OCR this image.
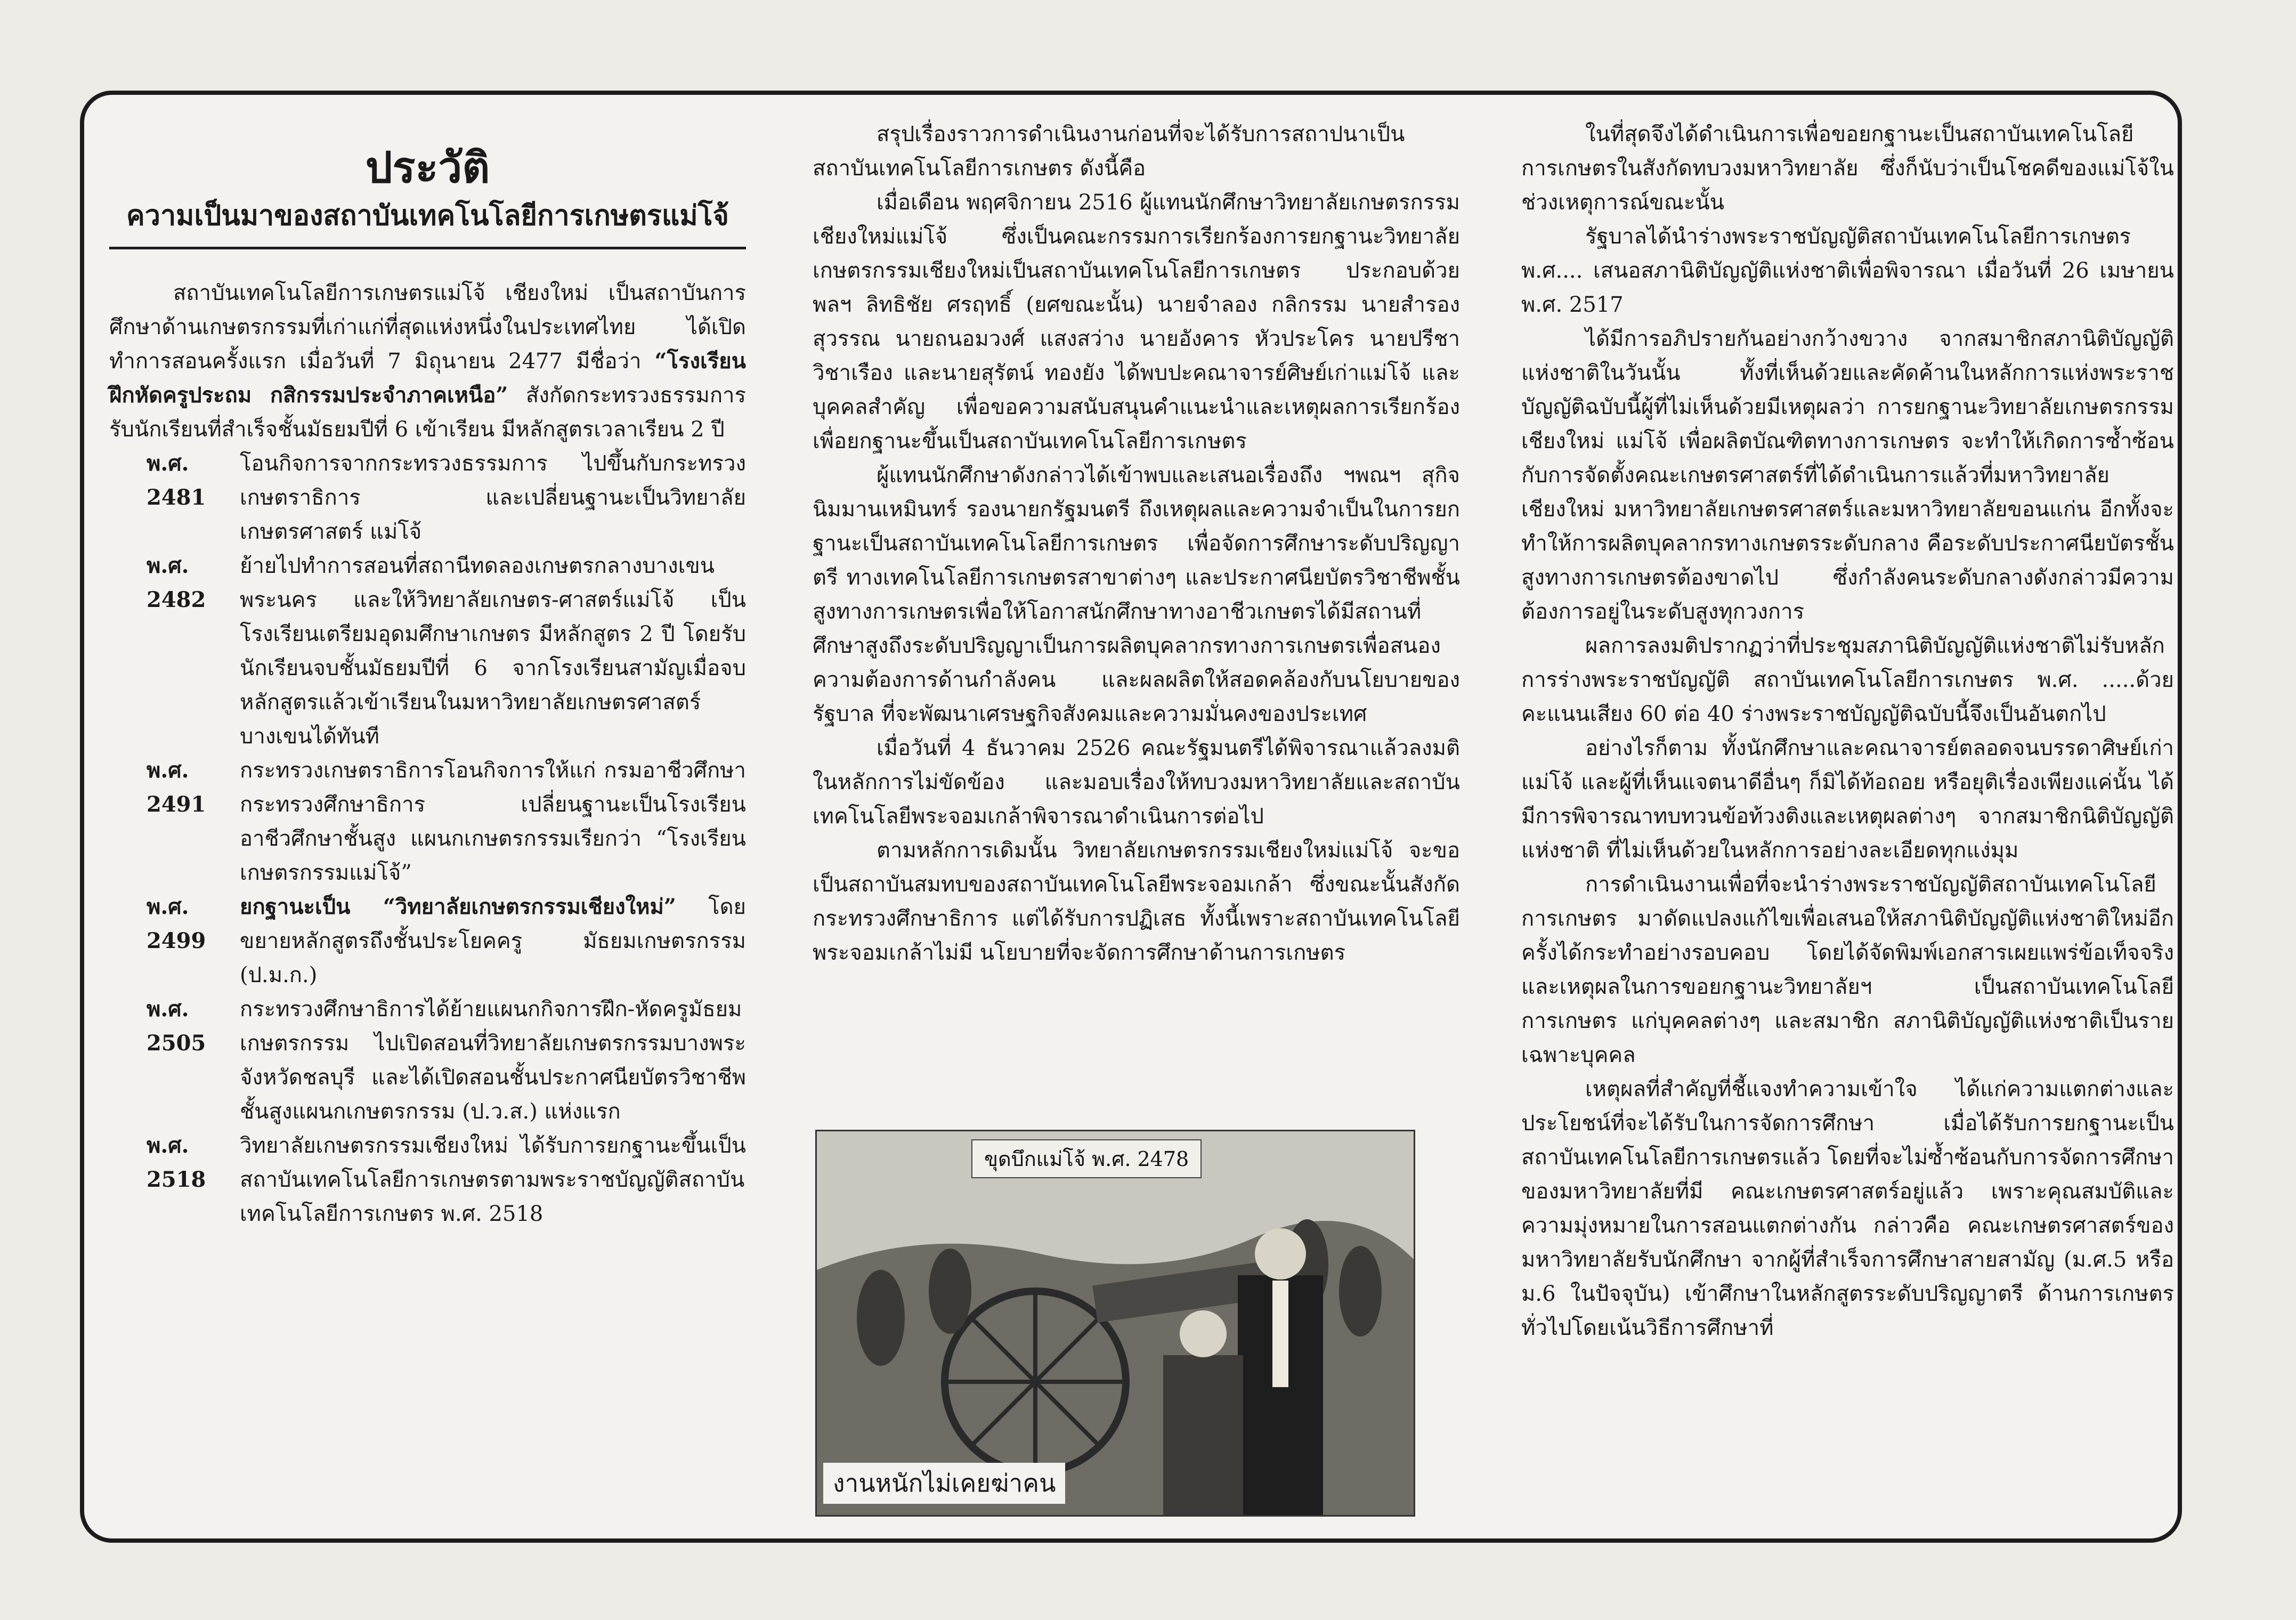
ประวัติ
ความเป็นมาของสถาบันเทคโนโลยีการเกษตรแม่โจ้

สถาบันเทคโนโลยีการเกษตรแม่โจ้ เชียงใหม่ เป็นสถาบันการศึกษาด้านเกษตรกรรมที่เก่าแก่ที่สุดแห่งหนึ่งในประเทศไทย ได้เปิดทำการสอนครั้งแรก เมื่อวันที่ 7 มิถุนายน 2477 มีชื่อว่า “โรงเรียนฝึกหัดครูประถม กสิกรรมประจำภาคเหนือ” สังกัดกระทรวงธรรมการ รับนักเรียนที่สำเร็จชั้นมัธยมปีที่ 6 เข้าเรียน มีหลักสูตรเวลาเรียน 2 ปี

พ.ศ. 2481
โอนกิจการจากกระทรวงธรรมการ ไปขึ้นกับกระทรวงเกษตราธิการ และเปลี่ยนฐานะเป็นวิทยาลัยเกษตรศาสตร์ แม่โจ้
พ.ศ. 2482
ย้ายไปทำการสอนที่สถานีทดลองเกษตรกลางบางเขน พระนคร และให้วิทยาลัยเกษตร-ศาสตร์แม่โจ้ เป็นโรงเรียนเตรียมอุดมศึกษาเกษตร มีหลักสูตร 2 ปี โดยรับนักเรียนจบชั้นมัธยมปีที่ 6 จากโรงเรียนสามัญเมื่อจบหลักสูตรแล้วเข้าเรียนในมหาวิทยาลัยเกษตรศาสตร์บางเขนได้ทันที
พ.ศ. 2491
กระทรวงเกษตราธิการโอนกิจการให้แก่ กรมอาชีวศึกษา กระทรวงศึกษาธิการ เปลี่ยนฐานะเป็นโรงเรียนอาชีวศึกษาชั้นสูง แผนกเกษตรกรรมเรียกว่า “โรงเรียนเกษตรกรรมแม่โจ้”
พ.ศ. 2499
ยกฐานะเป็น “วิทยาลัยเกษตรกรรมเชียงใหม่” โดยขยายหลักสูตรถึงชั้นประโยคครู มัธยมเกษตรกรรม (ป.ม.ก.)
พ.ศ. 2505
กระทรวงศึกษาธิการได้ย้ายแผนกกิจการฝึก-หัดครูมัธยมเกษตรกรรม ไปเปิดสอนที่วิทยาลัยเกษตรกรรมบางพระจังหวัดชลบุรี และได้เปิดสอนชั้นประกาศนียบัตรวิชาชีพชั้นสูงแผนกเกษตรกรรม (ป.ว.ส.) แห่งแรก
พ.ศ. 2518
วิทยาลัยเกษตรกรรมเชียงใหม่ ได้รับการยกฐานะขึ้นเป็น สถาบันเทคโนโลยีการเกษตรตามพระราชบัญญัติสถาบันเทคโนโลยีการเกษตร พ.ศ. 2518

สรุปเรื่องราวการดำเนินงานก่อนที่จะได้รับการสถาปนาเป็นสถาบันเทคโนโลยีการเกษตร ดังนี้คือ

เมื่อเดือน พฤศจิกายน 2516 ผู้แทนนักศึกษาวิทยาลัยเกษตรกรรมเชียงใหม่แม่โจ้ ซึ่งเป็นคณะกรรมการเรียกร้องการยกฐานะวิทยาลัยเกษตรกรรมเชียงใหม่เป็นสถาบันเทคโนโลยีการเกษตร ประกอบด้วย พลฯ ลิทธิชัย ศรฤทธิ์ (ยศขณะนั้น) นายจำลอง กลิกรรม นายสำรอง สุวรรณ นายถนอมวงศ์ แสงสว่าง นายอังคาร หัวประโคร นายปรีชา วิชาเรือง และนายสุรัตน์ ทองยัง ได้พบปะคณาจารย์ศิษย์เก่าแม่โจ้ และบุคคลสำคัญ เพื่อขอความสนับสนุนคำแนะนำและเหตุผลการเรียกร้อง เพื่อยกฐานะขึ้นเป็นสถาบันเทคโนโลยีการเกษตร

ผู้แทนนักศึกษาดังกล่าวได้เข้าพบและเสนอเรื่องถึง ฯพณฯ สุกิจ นิมมานเหมินทร์ รองนายกรัฐมนตรี ถึงเหตุผลและความจำเป็นในการยกฐานะเป็นสถาบันเทคโนโลยีการเกษตร เพื่อจัดการศึกษาระดับปริญญาตรี ทางเทคโนโลยีการเกษตรสาขาต่างๆ และประกาศนียบัตรวิชาชีพชั้นสูงทางการเกษตรเพื่อให้โอกาสนักศึกษาทางอาชีวเกษตรได้มีสถานที่ศึกษาสูงถึงระดับปริญญาเป็นการผลิตบุคลากรทางการเกษตรเพื่อสนองความต้องการด้านกำลังคน และผลผลิตให้สอดคล้องกับนโยบายของรัฐบาล ที่จะพัฒนาเศรษฐกิจสังคมและความมั่นคงของประเทศ

เมื่อวันที่ 4 ธันวาคม 2526 คณะรัฐมนตรีได้พิจารณาแล้วลงมติในหลักการไม่ขัดข้อง และมอบเรื่องให้ทบวงมหาวิทยาลัยและสถาบันเทคโนโลยีพระจอมเกล้าพิจารณาดำเนินการต่อไป

ตามหลักการเดิมนั้น วิทยาลัยเกษตรกรรมเชียงใหม่แม่โจ้ จะขอเป็นสถาบันสมทบของสถาบันเทคโนโลยีพระจอมเกล้า ซึ่งขณะนั้นสังกัดกระทรวงศึกษาธิการ แต่ได้รับการปฏิเสธ ทั้งนี้เพราะสถาบันเทคโนโลยีพระจอมเกล้าไม่มี นโยบายที่จะจัดการศึกษาด้านการเกษตร

ขุดบึกแม่โจ้ พ.ศ. 2478
งานหนักไม่เคยฆ่าคน

ในที่สุดจึงได้ดำเนินการเพื่อขอยกฐานะเป็นสถาบันเทคโนโลยีการเกษตรในสังกัดทบวงมหาวิทยาลัย ซึ่งก็นับว่าเป็นโชคดีของแม่โจ้ในช่วงเหตุการณ์ขณะนั้น

รัฐบาลได้นำร่างพระราชบัญญัติสถาบันเทคโนโลยีการเกษตร พ.ศ.... เสนอสภานิติบัญญัติแห่งชาติเพื่อพิจารณา เมื่อวันที่ 26 เมษายน พ.ศ. 2517

ได้มีการอภิปรายกันอย่างกว้างขวาง จากสมาชิกสภานิติบัญญัติแห่งชาติในวันนั้น ทั้งที่เห็นด้วยและคัดค้านในหลักการแห่งพระราชบัญญัติฉบับนี้ผู้ที่ไม่เห็นด้วยมีเหตุผลว่า การยกฐานะวิทยาลัยเกษตรกรรมเชียงใหม่ แม่โจ้ เพื่อผลิตบัณฑิตทางการเกษตร จะทำให้เกิดการซ้ำซ้อนกับการจัดตั้งคณะเกษตรศาสตร์ที่ได้ดำเนินการแล้วที่มหาวิทยาลัยเชียงใหม่ มหาวิทยาลัยเกษตรศาสตร์และมหาวิทยาลัยขอนแก่น อีกทั้งจะทำให้การผลิตบุคลากรทางเกษตรระดับกลาง คือระดับประกาศนียบัตรชั้นสูงทางการเกษตรต้องขาดไป ซึ่งกำลังคนระดับกลางดังกล่าวมีความต้องการอยู่ในระดับสูงทุกวงการ

ผลการลงมติปรากฏว่าที่ประชุมสภานิติบัญญัติแห่งชาติไม่รับหลักการร่างพระราชบัญญัติ สถาบันเทคโนโลยีการเกษตร พ.ศ. .....ด้วยคะแนนเสียง 60 ต่อ 40 ร่างพระราชบัญญัติฉบับนี้จึงเป็นอันตกไป

อย่างไรก็ตาม ทั้งนักศึกษาและคณาจารย์ตลอดจนบรรดาศิษย์เก่าแม่โจ้ และผู้ที่เห็นแจตนาดีอื่นๆ ก็มิได้ท้อถอย หรือยุติเรื่องเพียงแค่นั้น ได้มีการพิจารณาทบทวนข้อท้วงติงและเหตุผลต่างๆ จากสมาชิกนิติบัญญัติแห่งชาติ ที่ไม่เห็นด้วยในหลักการอย่างละเอียดทุกแง่มุม

การดำเนินงานเพื่อที่จะนำร่างพระราชบัญญัติสถาบันเทคโนโลยีการเกษตร มาดัดแปลงแก้ไขเพื่อเสนอให้สภานิติบัญญัติแห่งชาติใหม่อีกครั้งได้กระทำอย่างรอบคอบ โดยได้จัดพิมพ์เอกสารเผยแพร่ข้อเท็จจริงและเหตุผลในการขอยกฐานะวิทยาลัยฯ เป็นสถาบันเทคโนโลยีการเกษตร แก่บุคคลต่างๆ และสมาชิก สภานิติบัญญัติแห่งชาติเป็นรายเฉพาะบุคคล

เหตุผลที่สำคัญที่ชี้แจงทำความเข้าใจ ได้แก่ความแตกต่างและประโยชน์ที่จะได้รับในการจัดการศึกษา เมื่อได้รับการยกฐานะเป็นสถาบันเทคโนโลยีการเกษตรแล้ว โดยที่จะไม่ซ้ำซ้อนกับการจัดการศึกษาของมหาวิทยาลัยที่มี คณะเกษตรศาสตร์อยู่แล้ว เพราะคุณสมบัติและความมุ่งหมายในการสอนแตกต่างกัน กล่าวคือ คณะเกษตรศาสตร์ของมหาวิทยาลัยรับนักศึกษา จากผู้ที่สำเร็จการศึกษาสายสามัญ (ม.ศ.5 หรือ ม.6 ในปัจจุบัน) เข้าศึกษาในหลักสูตรระดับปริญญาตรี ด้านการเกษตรทั่วไปโดยเน้นวิธีการศึกษาที่
